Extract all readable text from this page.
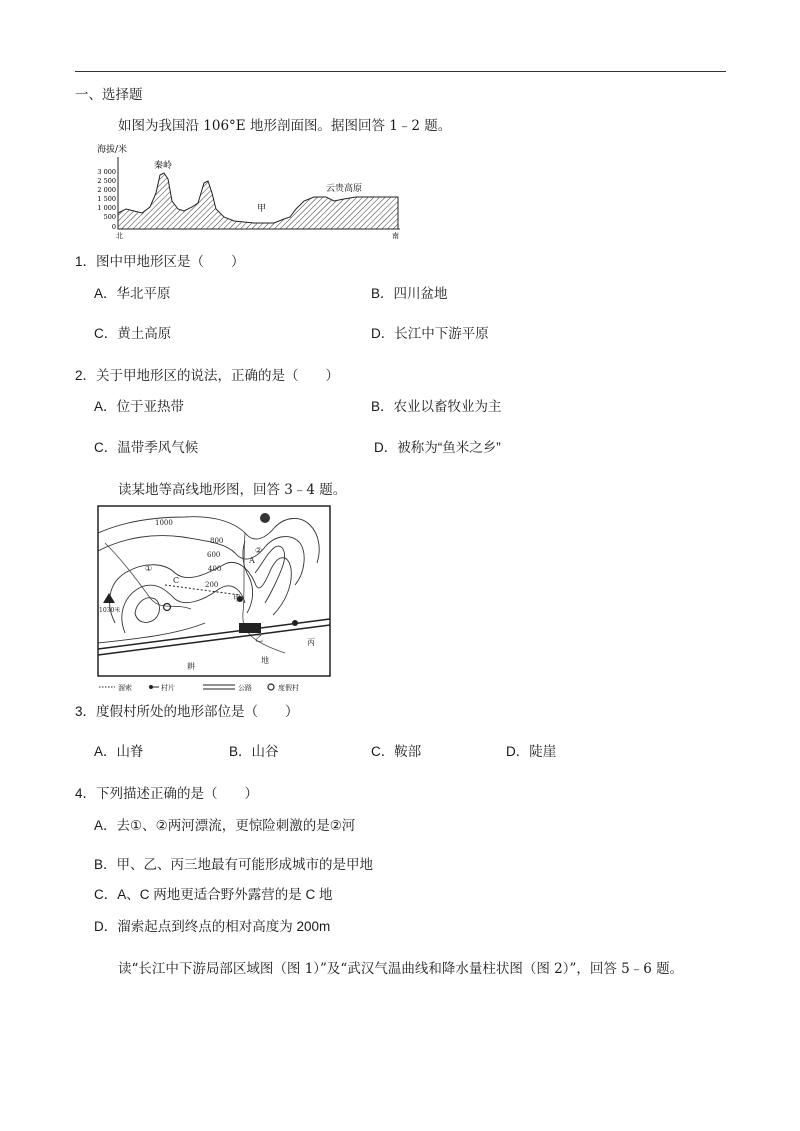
一、选择题
如图为我国沿 106°E 地形剖面图。据图回答 1﹣2 题。
海拔/米
3 000
2 500
2 000
1 500
1 000
500
0
秦岭
甲
云贵高原
北	南
1．图中甲地形区是（　　）
A．华北平原	B．四川盆地
C．黄土高原	D．长江中下游平原
2．关于甲地形区的说法，正确的是（　　）
A．位于亚热带	B．农业以畜牧业为主
C．温带季风气候	D．被称为“鱼米之乡”
读某地等高线地形图，回答 3﹣4 题。
1000
800
600
400
200
1030米
C
A
①
②
甲
乙	丙
耕
地
溜索	村片	公路	度假村
3．度假村所处的地形部位是（　　）
A．山脊	B．山谷	C．鞍部	D．陡崖
4．下列描述正确的是（　　）
A．去①、②两河漂流，更惊险刺激的是②河
B．甲、乙、丙三地最有可能形成城市的是甲地
C．A、C 两地更适合野外露营的是 C 地
D．溜索起点到终点的相对高度为 200m
读“长江中下游局部区域图（图 1）”及“武汉气温曲线和降水量柱状图（图 2）”，回答 5﹣6 题。
